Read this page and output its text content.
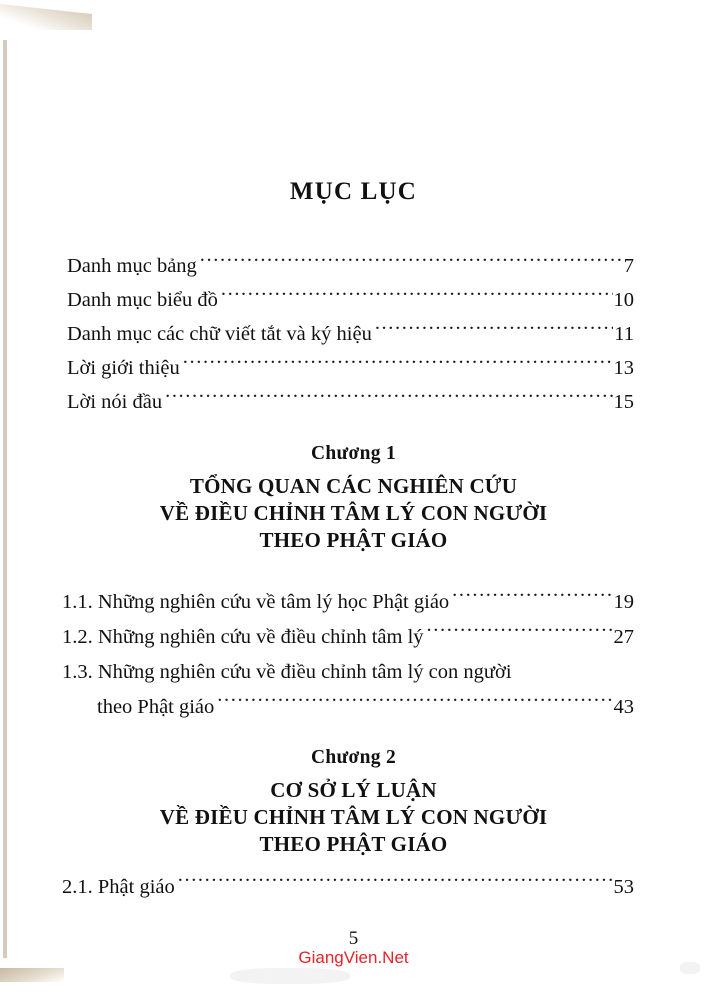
MỤC LỤC
Danh mục bảng .....	7
Danh mục biểu đồ .....	10
Danh mục các chữ viết tắt và ký hiệu .....	11
Lời giới thiệu .....	13
Lời nói đầu .....	15
Chương 1
TỔNG QUAN CÁC NGHIÊN CỨU
VỀ ĐIỀU CHỈNH TÂM LÝ CON NGƯỜI
THEO PHẬT GIÁO
1.1. Những nghiên cứu về tâm lý học Phật giáo .....	19
1.2. Những nghiên cứu về điều chỉnh tâm lý .....	27
1.3. Những nghiên cứu về điều chỉnh tâm lý con người
theo Phật giáo .....	43
Chương 2
CƠ SỞ LÝ LUẬN
VỀ ĐIỀU CHỈNH TÂM LÝ CON NGƯỜI
THEO PHẬT GIÁO
2.1. Phật giáo .....	53
5
GiangVien.Net
